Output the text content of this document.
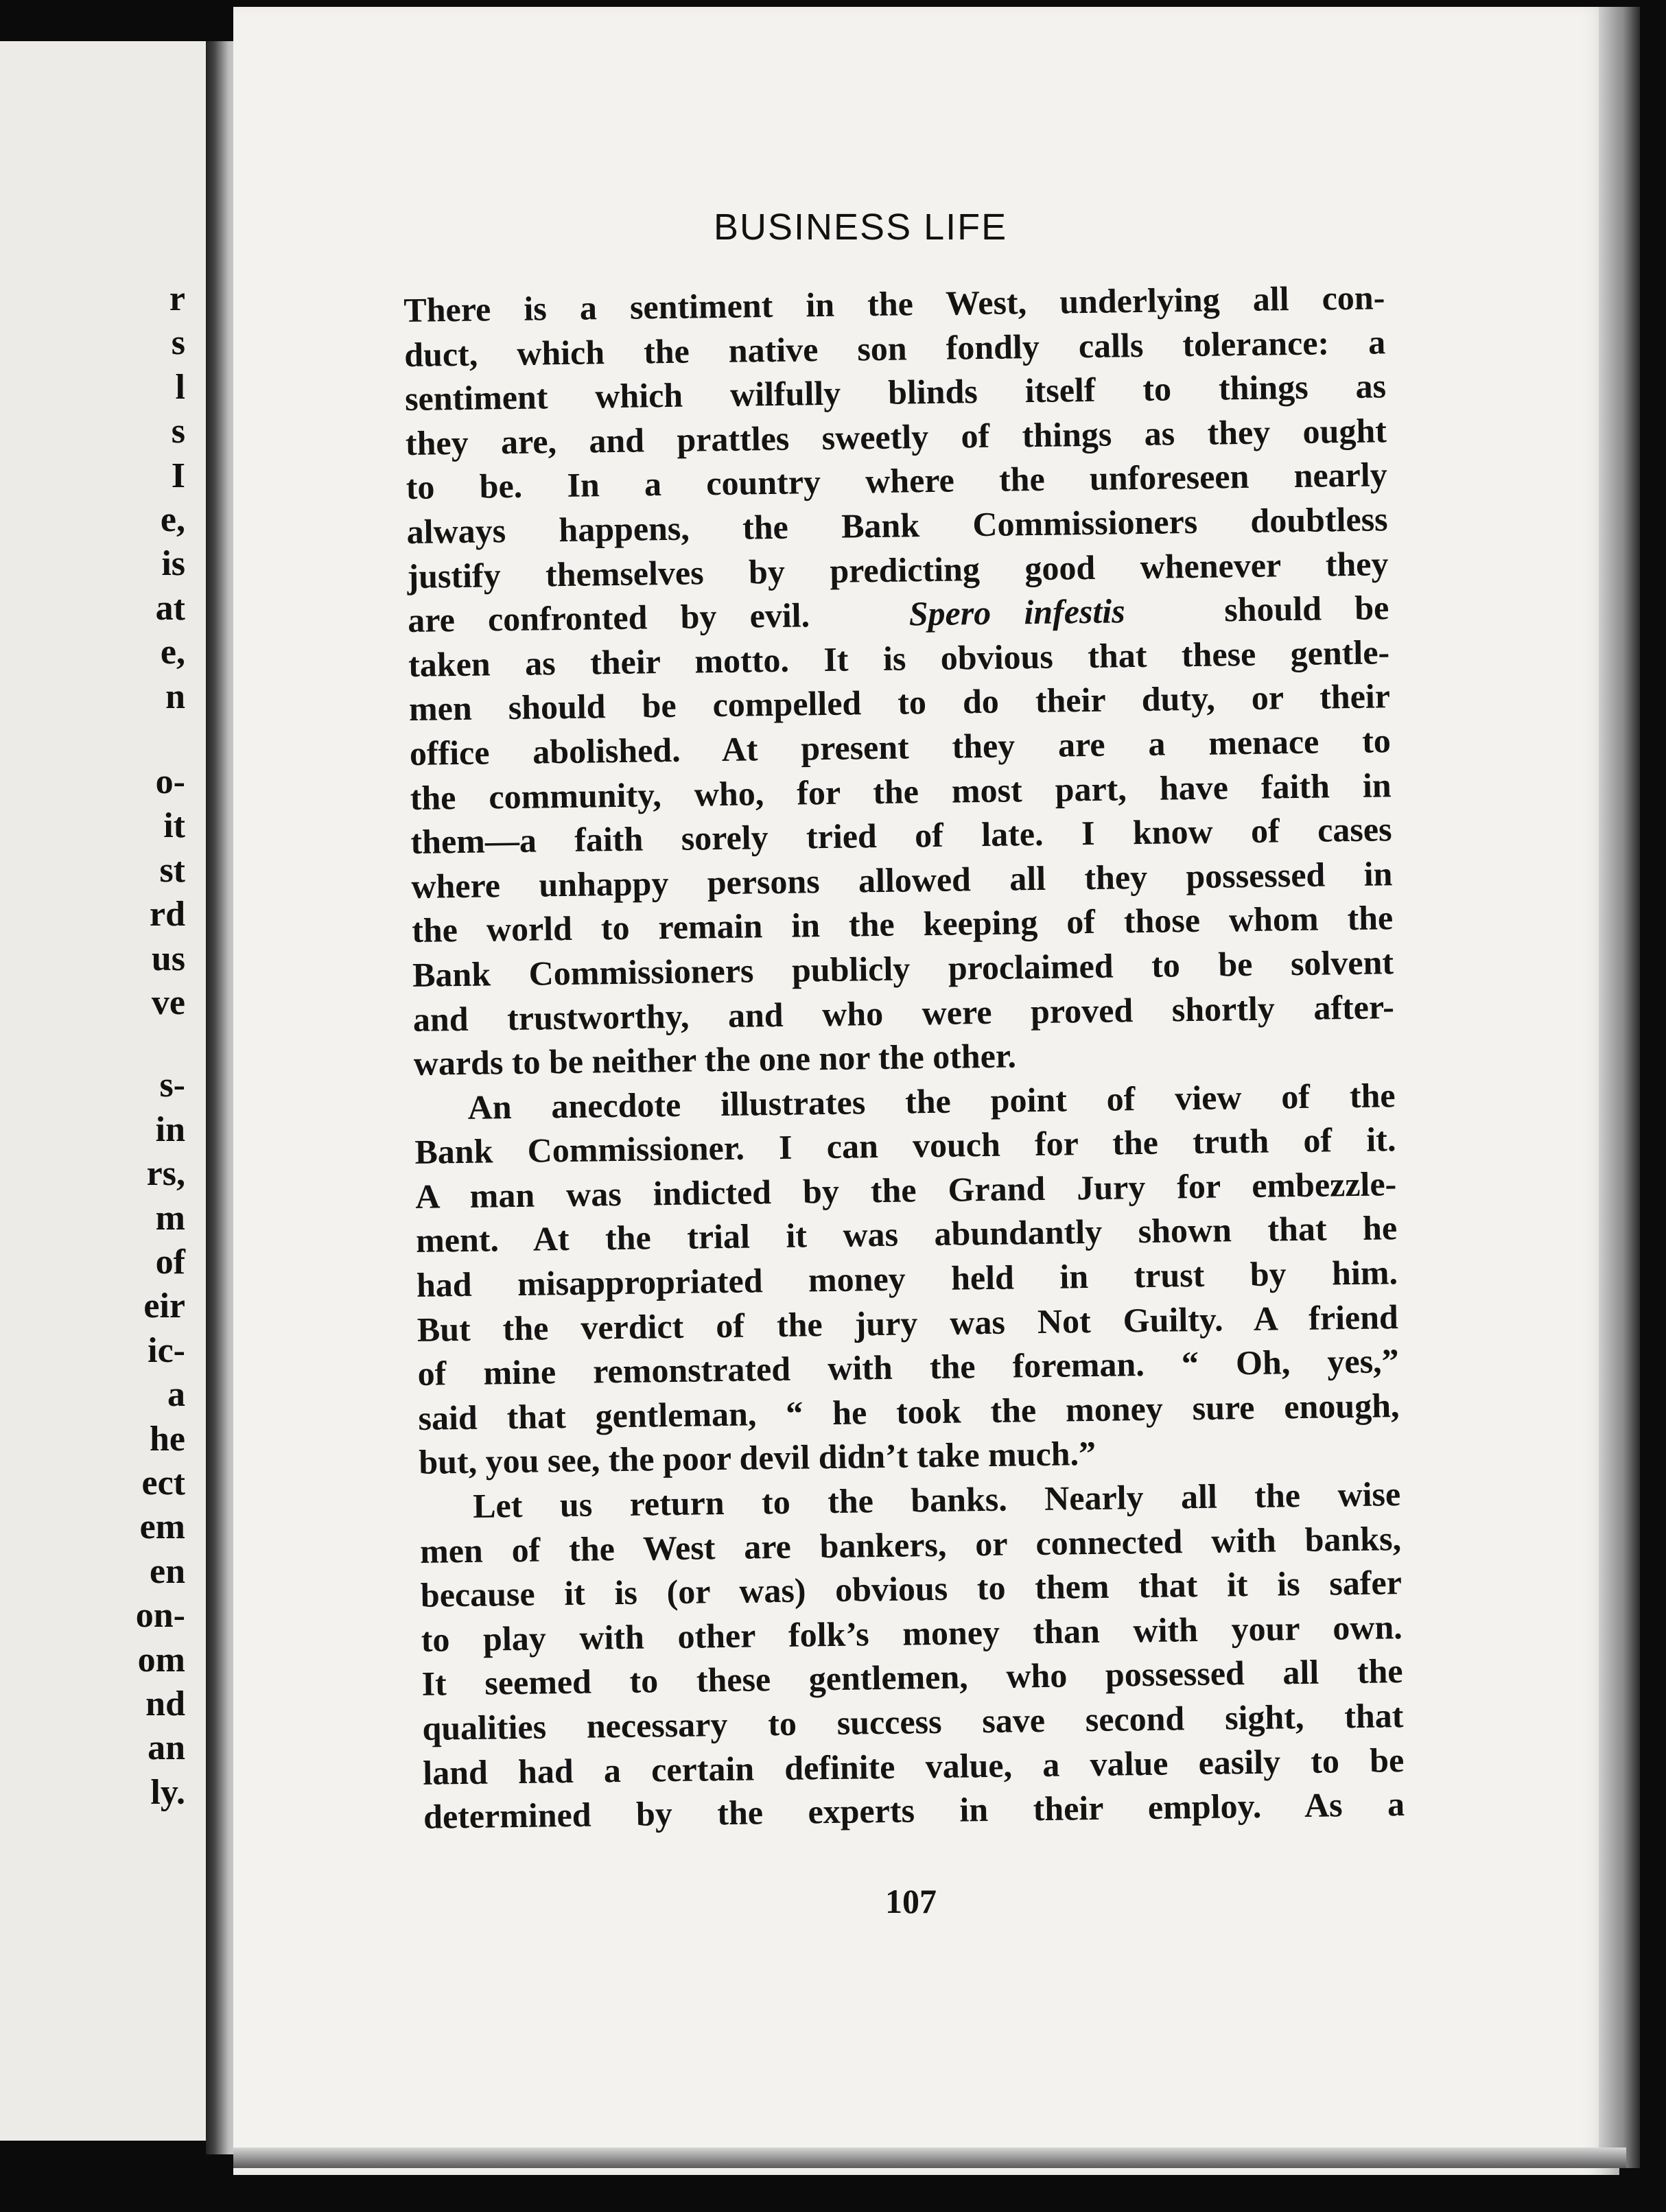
r
s
l
s
I
e,
is
at
e,
n
o-
it
st
rd
us
ve
s-
in
rs,
m
of
eir
ic-
a
he
ect
em
en
on-
om
nd
an
ly.
BUSINESS LIFE

There is a sentiment in the West, underlying all con-
duct, which the native son fondly calls tolerance: a
sentiment which wilfully blinds itself to things as
they are, and prattles sweetly of things as they ought
to be. In a country where the unforeseen nearly
always happens, the Bank Commissioners doubtless
justify themselves by predicting good whenever they
are confronted by evil.	Spero infestis	should be
taken as their motto. It is obvious that these gentle-
men should be compelled to do their duty, or their
office abolished. At present they are a menace to
the community, who, for the most part, have faith in
them—a faith sorely tried of late. I know of cases
where unhappy persons allowed all they possessed in
the world to remain in the keeping of those whom the
Bank Commissioners publicly proclaimed to be solvent
and trustworthy, and who were proved shortly after-
wards to be neither the one nor the other.

An anecdote illustrates the point of view of the
Bank Commissioner. I can vouch for the truth of it.
A man was indicted by the Grand Jury for embezzle-
ment. At the trial it was abundantly shown that he
had misappropriated money held in trust by him.
But the verdict of the jury was Not Guilty. A friend
of mine remonstrated with the foreman. “ Oh, yes,”
said that gentleman, “ he took the money sure enough,
but, you see, the poor devil didn’t take much.”

Let us return to the banks. Nearly all the wise
men of the West are bankers, or connected with banks,
because it is (or was) obvious to them that it is safer
to play with other folk’s money than with your own.
It seemed to these gentlemen, who possessed all the
qualities necessary to success save second sight, that
land had a certain definite value, a value easily to be
determined by the experts in their employ. As a

107
